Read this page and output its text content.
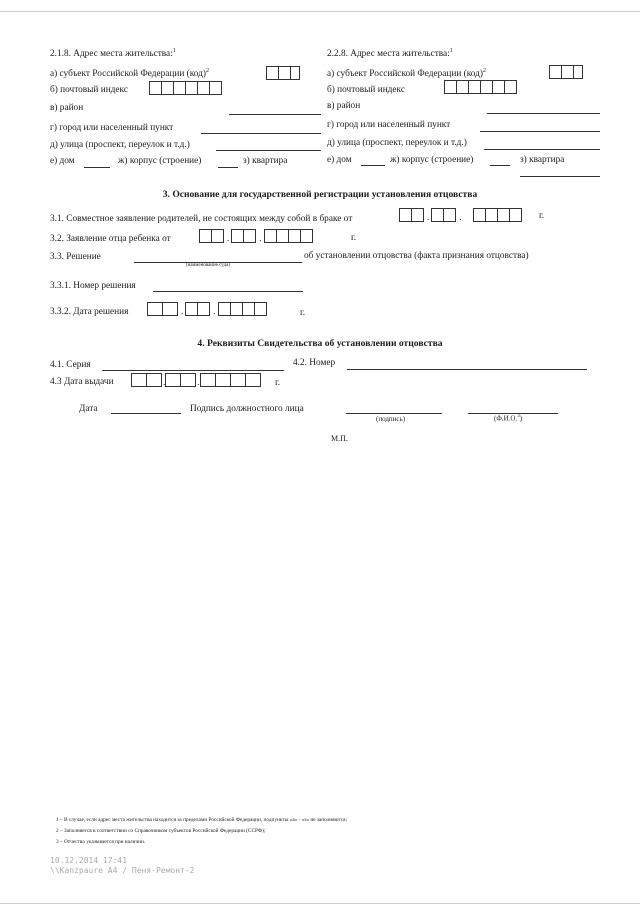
2.1.8. Адрес места жительства:$^1$
а) субъект Российской Федерации (код)$^2$
б) почтовый индекс
в) район
г) город или населенный пункт
д) улица (проспект, переулок и т.д.)
е) дом	ж) корпус (строение)	з) квартира
2.2.8. Адрес места жительства:$^1$
а) субъект Российской Федерации (код)$^2$
б) почтовый индекс
в) район
г) город или населенный пункт
д) улица (проспект, переулок и т.д.)
е) дом	ж) корпус (строение)	з) квартира
3. Основание для государственной регистрации установления отцовства
3.1. Совместное заявление родителей, не состоящих между собой в браке от	.	.	г.
3.2. Заявление отца ребенка от	.	.	г.
3.3. Решение
(наименование суда)
об установлении отцовства (факта признания отцовства)
3.3.1. Номер решения
3.3.2. Дата решения	.	.	г.
4. Реквизиты Свидетельства об установлении отцовства
4.1. Серия	4.2. Номер
4.3 Дата выдачи	.	.	г.
Дата	Подпись должностного лица
(подпись)	(Ф.И.О.$^3$)
М.П.
1 – В случае, если адрес места жительства находится за пределами Российской Федерации, подпункты «а» - «з» не заполняются;
2 – Заполняется в соответствии со Справочником субъектов Российской Федерации (ССРФ);
3 – Отчество указывается при наличии.
10.12.2014 17:41
\\Kanzpaure A4 / Пеня-Ремонт-2
